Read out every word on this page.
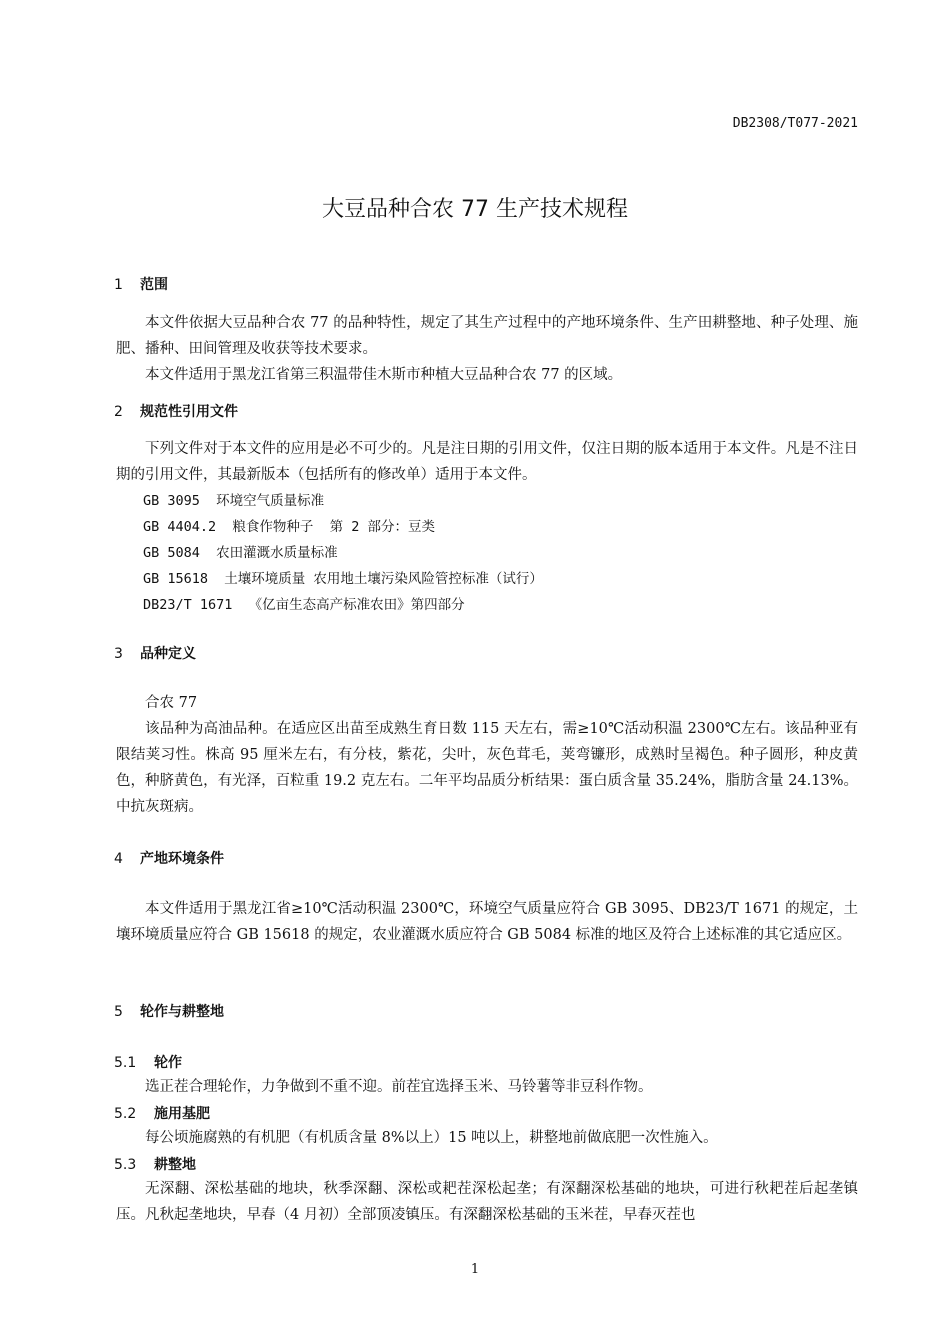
DB2308/T077-2021
大豆品种合农 77 生产技术规程
1 范围

本文件依据大豆品种合农 77 的品种特性，规定了其生产过程中的产地环境条件、生产田耕整地、种子处理、施肥、播种、田间管理及收获等技术要求。

本文件适用于黑龙江省第三积温带佳木斯市种植大豆品种合农 77 的区域。

2 规范性引用文件

下列文件对于本文件的应用是必不可少的。凡是注日期的引用文件，仅注日期的版本适用于本文件。凡是不注日期的引用文件，其最新版本（包括所有的修改单）适用于本文件。

GB 3095  环境空气质量标准
GB 4404.2  粮食作物种子  第 2 部分：豆类
GB 5084  农田灌溉水质量标准
GB 15618  土壤环境质量 农用地土壤污染风险管控标准（试行）
DB23/T 1671  《亿亩生态高产标准农田》第四部分
3 品种定义

合农 77

该品种为高油品种。在适应区出苗至成熟生育日数 115 天左右，需≥10℃活动积温 2300℃左右。该品种亚有限结荚习性。株高 95 厘米左右，有分枝，紫花，尖叶，灰色茸毛，荚弯镰形，成熟时呈褐色。种子圆形，种皮黄色，种脐黄色，有光泽，百粒重 19.2 克左右。二年平均品质分析结果：蛋白质含量 35.24%，脂肪含量 24.13%。中抗灰斑病。

4 产地环境条件

本文件适用于黑龙江省≥10℃活动积温 2300℃，环境空气质量应符合 GB 3095、DB23/T 1671 的规定，土壤环境质量应符合 GB 15618 的规定，农业灌溉水质应符合 GB 5084 标准的地区及符合上述标准的其它适应区。

5 轮作与耕整地
5.1 轮作

选正茬合理轮作，力争做到不重不迎。前茬宜选择玉米、马铃薯等非豆科作物。

5.2 施用基肥

每公顷施腐熟的有机肥（有机质含量 8%以上）15 吨以上，耕整地前做底肥一次性施入。

5.3 耕整地

无深翻、深松基础的地块，秋季深翻、深松或耙茬深松起垄；有深翻深松基础的地块，可进行秋耙茬后起垄镇压。凡秋起垄地块，早春（4 月初）全部顶凌镇压。有深翻深松基础的玉米茬，早春灭茬也

1
